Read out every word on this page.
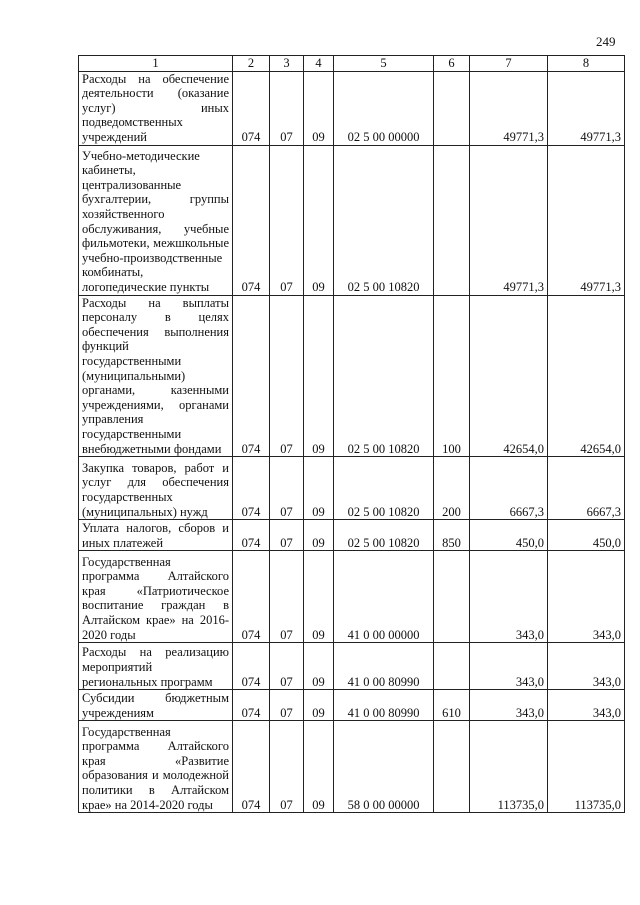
249
1	2	3	4	5	6	7	8
Расходы на обеспечение деятельности (оказание услуг) иных подведомственных учреждений	074	07	09	02 5 00 00000		49771,3	49771,3
Учебно-методические кабинеты, централизованные бухгалтерии, группы хозяйственного обслуживания, учебные фильмотеки, межшкольные учебно-производственные комбинаты, логопедические пункты	074	07	09	02 5 00 10820		49771,3	49771,3
Расходы на выплаты персоналу в целях обеспечения выполнения функций государственными (муниципальными) органами, казенными учреждениями, органами управления государственными внебюджетными фондами	074	07	09	02 5 00 10820	100	42654,0	42654,0
Закупка товаров, работ и услуг для обеспечения государственных (муниципальных) нужд	074	07	09	02 5 00 10820	200	6667,3	6667,3
Уплата налогов, сборов и иных платежей	074	07	09	02 5 00 10820	850	450,0	450,0
Государственная программа Алтайского края «Патриотическое воспитание граждан в Алтайском крае» на 2016-2020 годы	074	07	09	41 0 00 00000		343,0	343,0
Расходы на реализацию мероприятий региональных программ	074	07	09	41 0 00 80990		343,0	343,0
Субсидии бюджетным учреждениям	074	07	09	41 0 00 80990	610	343,0	343,0
Государственная программа Алтайского края «Развитие образования и молодежной политики в Алтайском крае» на 2014-2020 годы	074	07	09	58 0 00 00000		113735,0	113735,0
